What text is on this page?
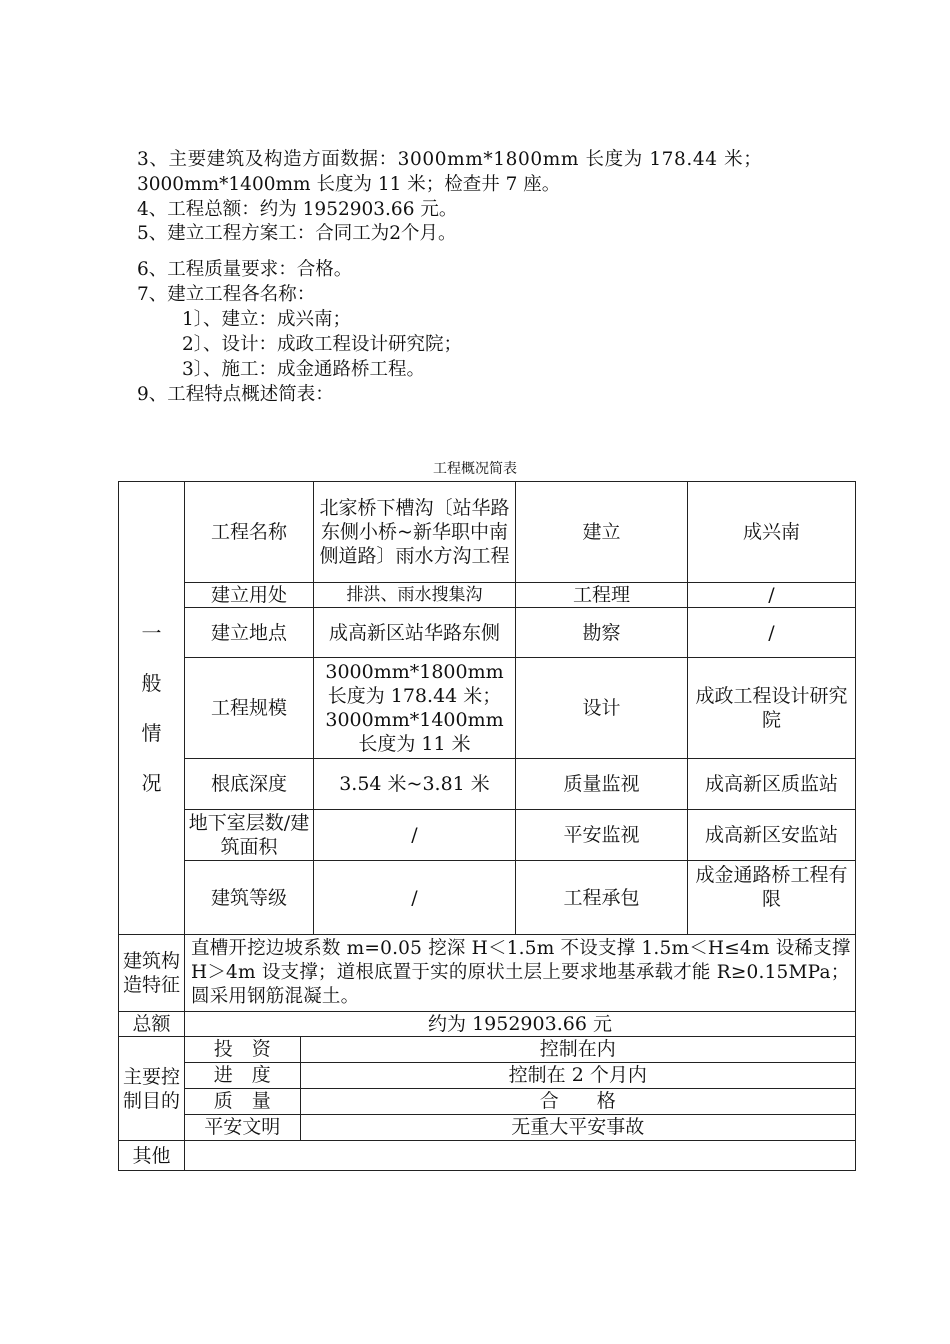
3、主要建筑及构造方面数据：3000mm*1800mm 长度为 178.44 米；
3000mm*1400mm 长度为 11 米；检查井 7 座。
4、工程总额：约为 1952903.66 元。
5、建立工程方案工：合同工为2个月。
6、工程质量要求：合格。
7、建立工程各名称：
1〕、建立：成兴南；
2〕、设计：成政工程设计研究院；
3〕、施工：成金通路桥工程。
9、工程特点概述简表：
工程概况简表
一
般
情
况
	工程名称	北家桥下槽沟〔站华路东侧小桥~新华职中南侧道路〕雨水方沟工程	建立	成兴南
建立用处	排洪、雨水搜集沟	工程理	/
建立地点	成高新区站华路东侧	勘察	/
工程规模	3000mm*1800mm 长度为 178.44 米；3000mm*1400mm 长度为 11 米	设计	成政工程设计研究院
根底深度	3.54 米~3.81 米	质量监视	成高新区质监站
地下室层数/建筑面积	/	平安监视	成高新区安监站
建筑等级	/	工程承包	成金通路桥工程有限
建筑构造特征	直槽开挖边坡系数 m=0.05 挖深 H＜1.5m 不设支撑 1.5m＜H≤4m 设稀支撑 H＞4m 设支撑；道根底置于实的原状土层上要求地基承载才能 R≥0.15MPa；圆采用钢筋混凝土。
总额	约为 1952903.66 元
主要控制目的	
投　资	控制在内
进　度	控制在 2 个月内
质　量	合　　格
平安文明	无重大平安事故

其他	
